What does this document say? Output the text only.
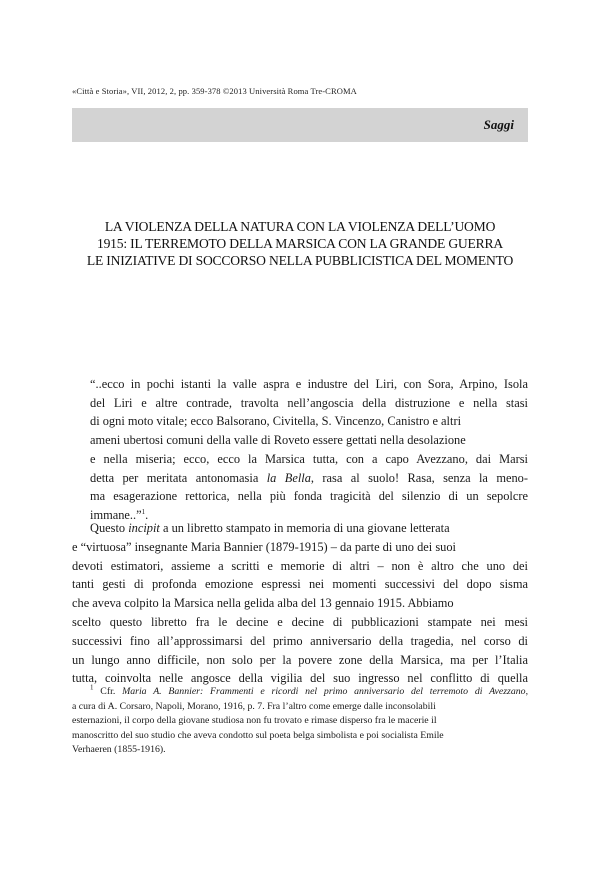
«Città e Storia», VII, 2012, 2, pp. 359-378 ©2013 Università Roma Tre-CROMA
Saggi
LA VIOLENZA DELLA NATURA CON LA VIOLENZA DELL’UOMO
1915: IL TERREMOTO DELLA MARSICA CON LA GRANDE GUERRA
LE INIZIATIVE DI SOCCORSO NELLA PUBBLICISTICA DEL MOMENTO
“..ecco in pochi istanti la valle aspra e industre del Liri, con Sora, Arpino, Isola
del Liri e altre contrade, travolta nell’angoscia della distruzione e nella stasi
di ogni moto vitale; ecco Balsorano, Civitella, S. Vincenzo, Canistro e altri
ameni ubertosi comuni della valle di Roveto essere gettati nella desolazione
e nella miseria; ecco, ecco la Marsica tutta, con a capo Avezzano, dai Marsi
detta per meritata antonomasia la Bella, rasa al suolo! Rasa, senza la meno-
ma esagerazione rettorica, nella più fonda tragicità del silenzio di un sepolcre
immane..”$^1$.
Questo incipit a un libretto stampato in memoria di una giovane letterata
e “virtuosa” insegnante Maria Bannier (1879-1915) – da parte di uno dei suoi
devoti estimatori, assieme a scritti e memorie di altri – non è altro che uno dei
tanti gesti di profonda emozione espressi nei momenti successivi del dopo sisma
che aveva colpito la Marsica nella gelida alba del 13 gennaio 1915. Abbiamo
scelto questo libretto fra le decine e decine di pubblicazioni stampate nei mesi
successivi fino all’approssimarsi del primo anniversario della tragedia, nel corso di
un lungo anno difficile, non solo per la povere zone della Marsica, ma per l’Italia
tutta, coinvolta nelle angosce della vigilia del suo ingresso nel conflitto di quella
$^1$ Cfr. Maria A. Bannier: Frammenti e ricordi nel primo anniversario del terremoto di Avezzano,
a cura di A. Corsaro, Napoli, Morano, 1916, p. 7. Fra l’altro come emerge dalle inconsolabili
esternazioni, il corpo della giovane studiosa non fu trovato e rimase disperso fra le macerie il
manoscritto del suo studio che aveva condotto sul poeta belga simbolista e poi socialista Emile
Verhaeren (1855-1916).
